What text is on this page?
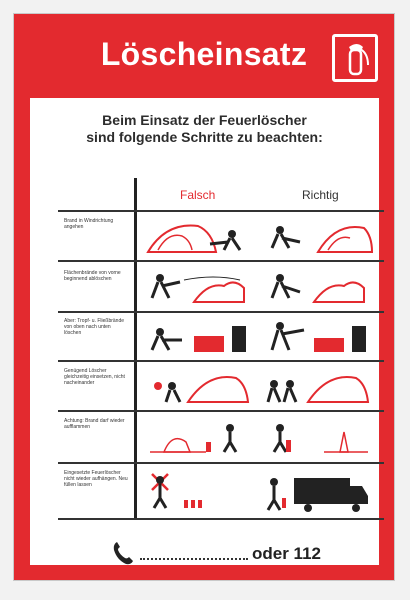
Löscheinsatz
Beim Einsatz der Feuerlöscher
sind folgende Schritte zu beachten:
Falsch	Richtig
Brand in Windrichtung angehen
Flächenbrände von vorne beginnend ablöschen
Aber: Tropf- u. Fließbrände von oben nach unten löschen
Genügend Löscher gleichzeitig einsetzen, nicht nacheinander
Achtung: Brand darf wieder aufflammen
Eingesetzte Feuerlöscher nicht wieder aufhängen. Neu füllen lassen
oder 112
